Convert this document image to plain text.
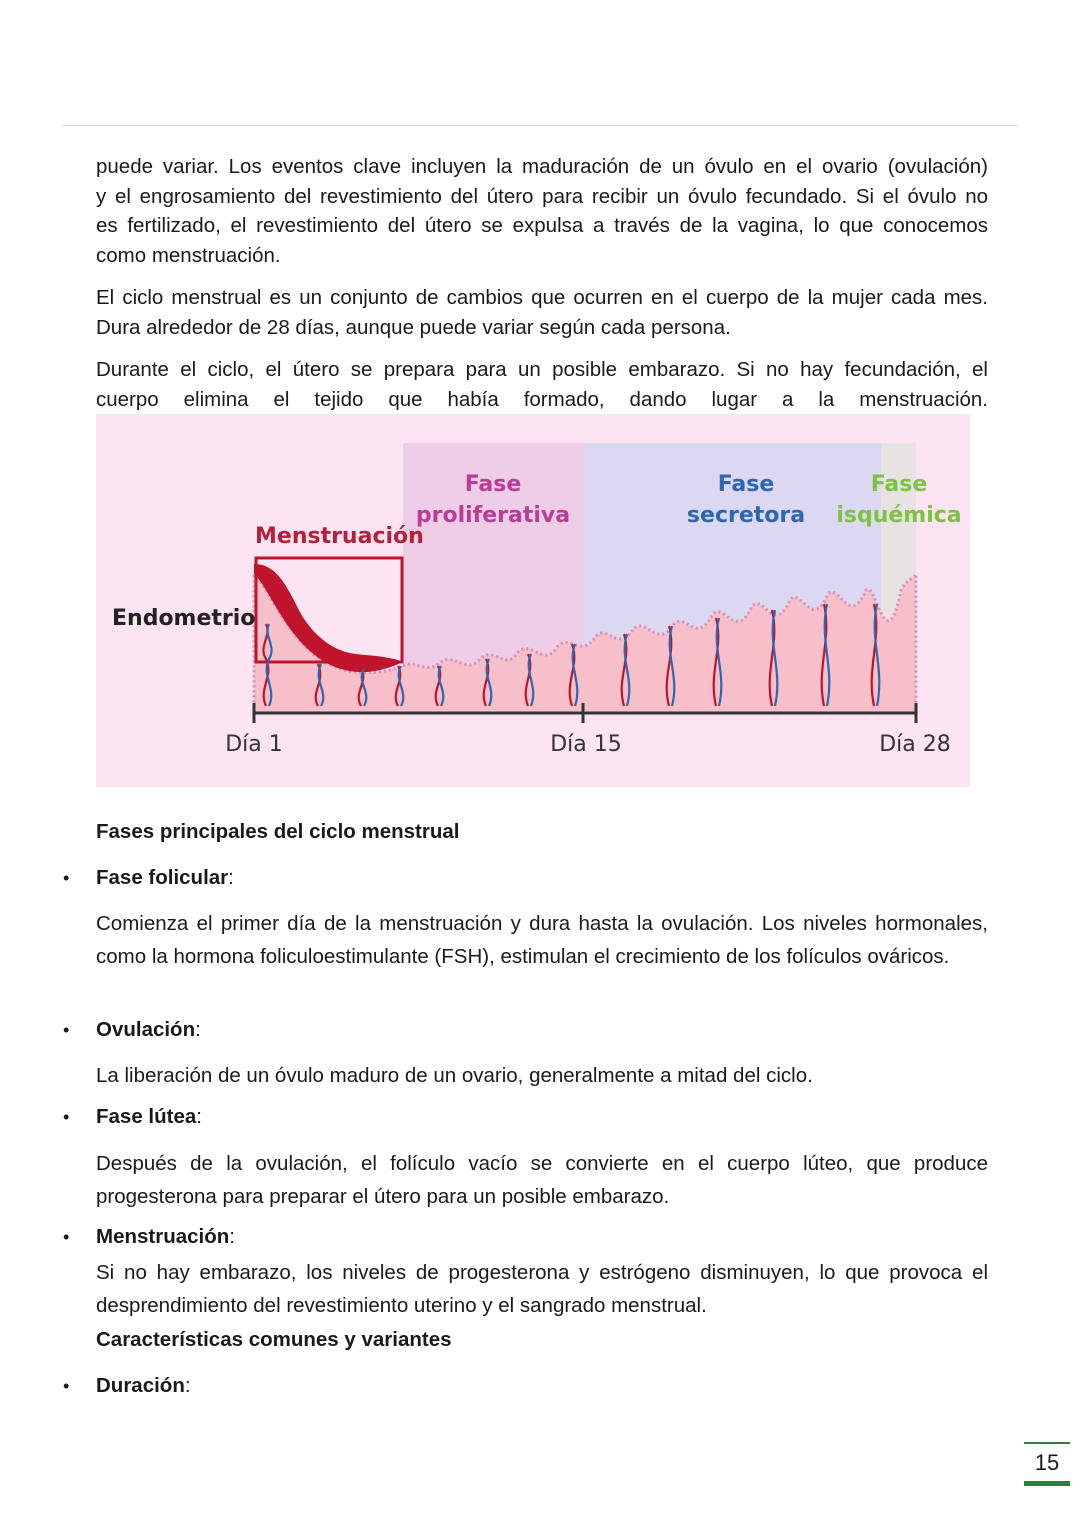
puede variar. Los eventos clave incluyen la maduración de un óvulo en el ovario (ovulación)
y el engrosamiento del revestimiento del útero para recibir un óvulo fecundado. Si el óvulo no
es fertilizado, el revestimiento del útero se expulsa a través de la vagina, lo que conocemos
como menstruación.
El ciclo menstrual es un conjunto de cambios que ocurren en el cuerpo de la mujer cada mes.
Dura alrededor de 28 días, aunque puede variar según cada persona.
Durante el ciclo, el útero se prepara para un posible embarazo. Si no hay fecundación, el
cuerpo elimina el tejido que había formado, dando lugar a la menstruación.
Endometrio
Menstruación
Fase
proliferativa
Fase
secretora
Fase
isquémica
Día 1	Día 15	Día 28
Fases principales del ciclo menstrual
• Fase folicular:
Comienza el primer día de la menstruación y dura hasta la ovulación. Los niveles hormonales, como la hormona foliculoestimulante (FSH), estimulan el crecimiento de los folículos ováricos.
• Ovulación:
La liberación de un óvulo maduro de un ovario, generalmente a mitad del ciclo.
• Fase lútea:
Después de la ovulación, el folículo vacío se convierte en el cuerpo lúteo, que produce progesterona para preparar el útero para un posible embarazo.
• Menstruación:
Si no hay embarazo, los niveles de progesterona y estrógeno disminuyen, lo que provoca el desprendimiento del revestimiento uterino y el sangrado menstrual.
Características comunes y variantes
• Duración:
15
